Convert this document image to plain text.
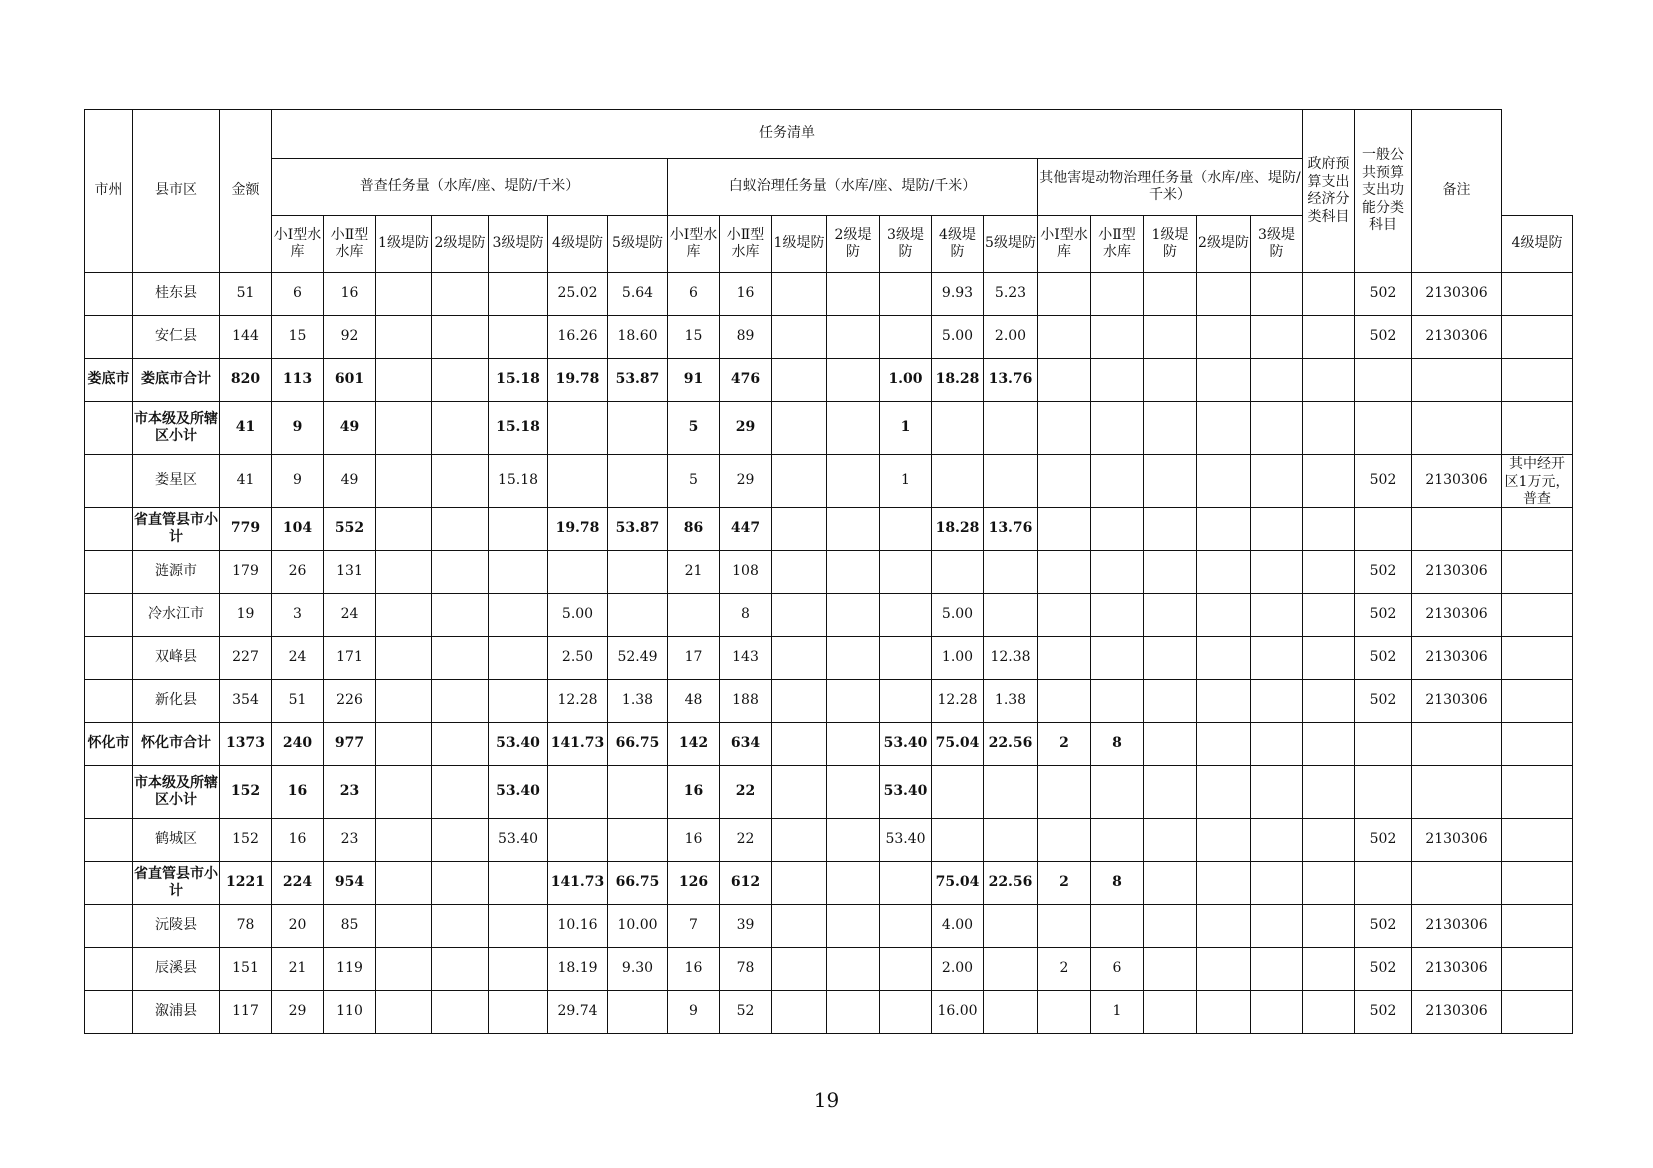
市州	县市区	金额	任务清单																			政府预算支出经济分类科目	一般公共预算支出功能分类科目	备注	
			普查任务量（水库/座、堤防/千米）							白蚁治理任务量（水库/座、堤防/千米）							其他害堤动物治理任务量（水库/座、堤防/千米）								
			小Ⅰ型水库	小Ⅱ型水库	1级堤防	2级堤防	3级堤防	4级堤防	5级堤防	小Ⅰ型水库	小Ⅱ型水库	1级堤防	2级堤防	3级堤防	4级堤防	5级堤防	小Ⅰ型水库	小Ⅱ型水库	1级堤防	2级堤防	3级堤防				4级堤防
	桂东县	51	6	16				25.02	5.64	6	16				9.93	5.23							502	2130306	

	安仁县	144	15	92				16.26	18.60	15	89				5.00	2.00							502	2130306	

娄底市	娄底市合计	820	113	601			15.18	19.78	53.87	91	476			1.00	18.28	13.76									

	市本级及所辖区小计	41	9	49			15.18			5	29			1											

	娄星区	41	9	49			15.18			5	29			1									502	2130306	其中经开区1万元，普查

	省直管县市小计	779	104	552				19.78	53.87	86	447				18.28	13.76									

	涟源市	179	26	131						21	108												502	2130306	

	冷水江市	19	3	24				5.00			8				5.00								502	2130306	

	双峰县	227	24	171				2.50	52.49	17	143				1.00	12.38							502	2130306	

	新化县	354	51	226				12.28	1.38	48	188				12.28	1.38							502	2130306	

怀化市	怀化市合计	1373	240	977			53.40	141.73	66.75	142	634			53.40	75.04	22.56	2	8							

	市本级及所辖区小计	152	16	23			53.40			16	22			53.40											

	鹤城区	152	16	23			53.40			16	22			53.40									502	2130306	

	省直管县市小计	1221	224	954				141.73	66.75	126	612				75.04	22.56	2	8							

	沅陵县	78	20	85				10.16	10.00	7	39				4.00								502	2130306	

	辰溪县	151	21	119				18.19	9.30	16	78				2.00		2	6					502	2130306	

	溆浦县	117	29	110				29.74		9	52				16.00			1					502	2130306	
19
